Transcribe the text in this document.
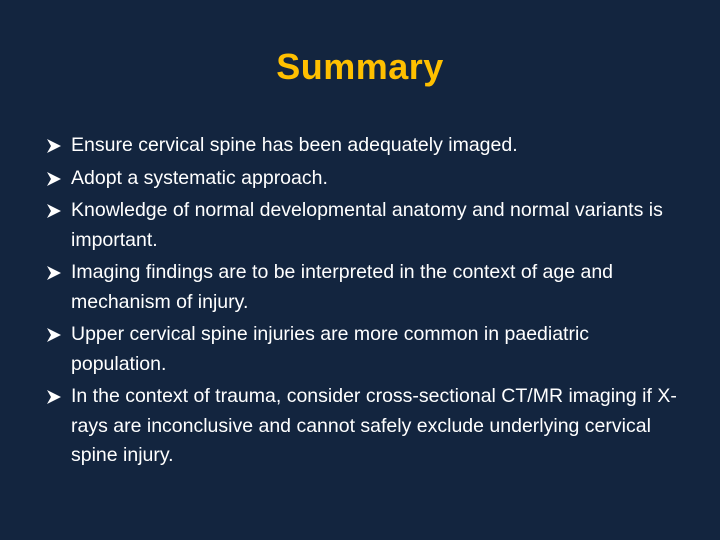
Summary
Ensure cervical spine has been adequately imaged.
Adopt a systematic approach.
Knowledge of normal developmental anatomy and normal variants is important.
Imaging findings are to be interpreted in the context of age and mechanism of injury.
Upper cervical spine injuries are more common in paediatric population.
In the context of trauma, consider cross-sectional CT/MR imaging if X-rays are inconclusive and cannot safely exclude underlying cervical spine injury.
